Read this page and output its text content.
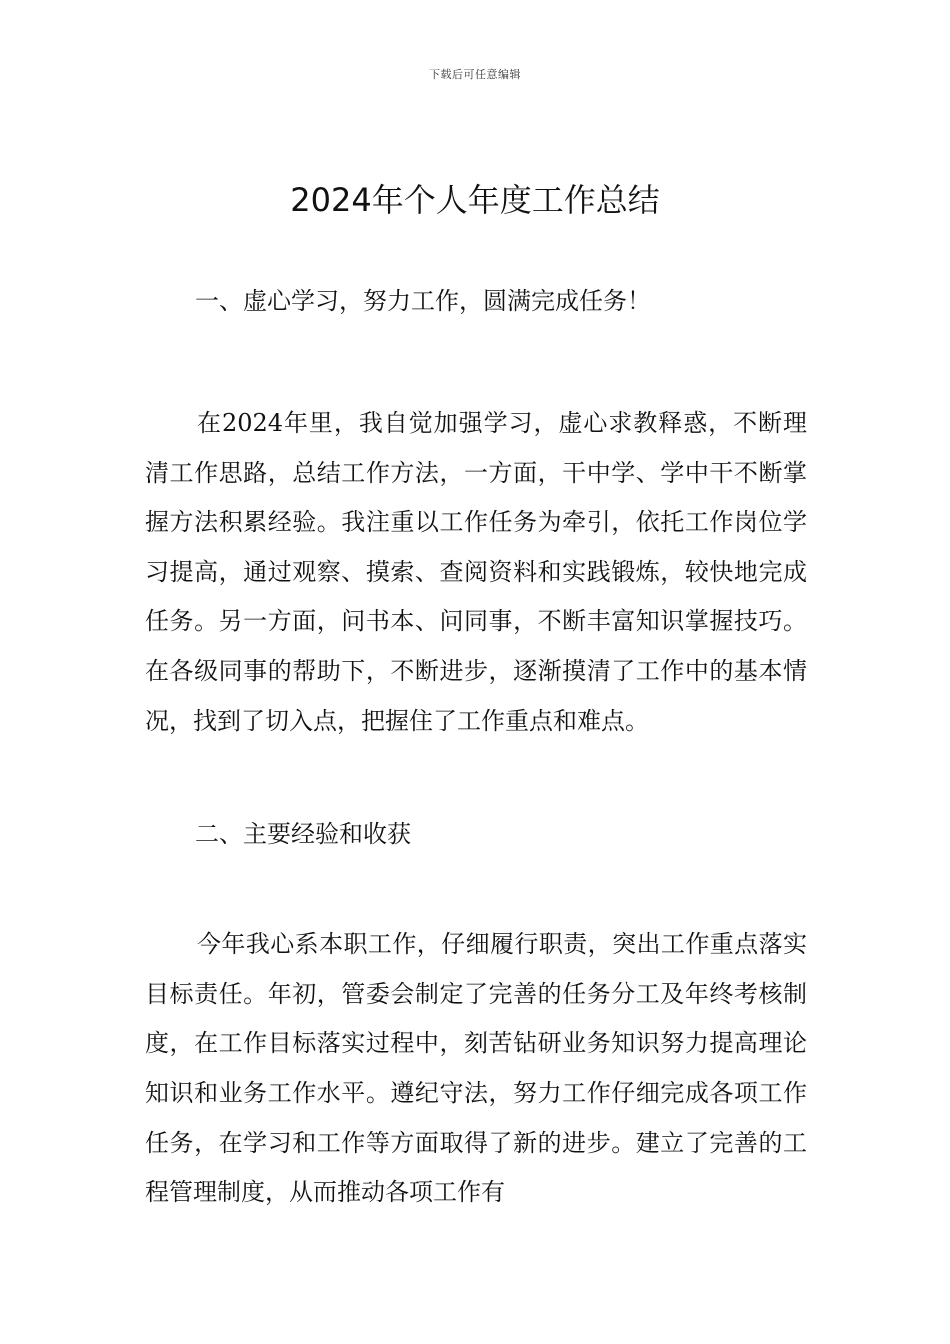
下载后可任意编辑
2024年个人年度工作总结

一、虚心学习，努力工作，圆满完成任务！

在2024年里，我自觉加强学习，虚心求教释惑，不断理清工作思路，总结工作方法，一方面，干中学、学中干不断掌握方法积累经验。我注重以工作任务为牵引，依托工作岗位学习提高，通过观察、摸索、查阅资料和实践锻炼，较快地完成任务。另一方面，问书本、问同事，不断丰富知识掌握技巧。在各级同事的帮助下，不断进步，逐渐摸清了工作中的基本情况，找到了切入点，把握住了工作重点和难点。

二、主要经验和收获

今年我心系本职工作，仔细履行职责，突出工作重点落实目标责任。年初，管委会制定了完善的任务分工及年终考核制度，在工作目标落实过程中，刻苦钻研业务知识努力提高理论知识和业务工作水平。遵纪守法，努力工作仔细完成各项工作任务，在学习和工作等方面取得了新的进步。建立了完善的工程管理制度，从而推动各项工作有
